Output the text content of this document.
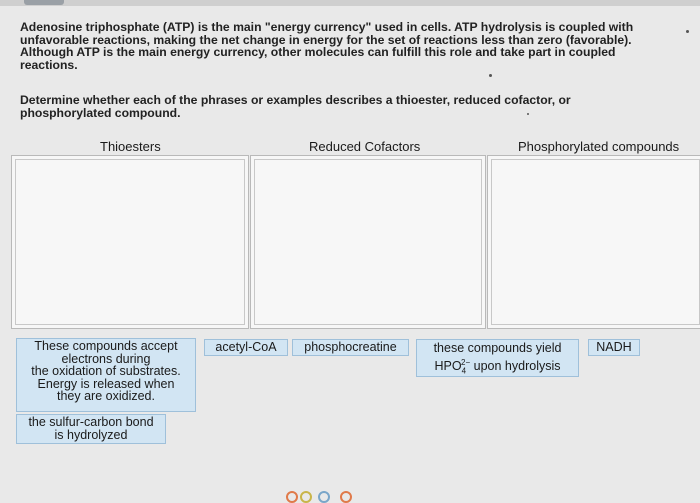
Adenosine triphosphate (ATP) is the main "energy currency" used in cells. ATP hydrolysis is coupled with
unfavorable reactions, making the net change in energy for the set of reactions less than zero (favorable).
Although ATP is the main energy currency, other molecules can fulfill this role and take part in coupled
reactions.
Determine whether each of the phrases or examples describes a thioester, reduced cofactor, or
phosphorylated compound.
Thioesters	Reduced Cofactors	Phosphorylated compounds
These compounds accept
electrons during
the oxidation of substrates.
Energy is released when
they are oxidized.
acetyl-CoA	phosphocreatine	these compounds yield
$HPO_4^{2-}$ upon hydrolysis
NADH
the sulfur-carbon bond
is hydrolyzed
